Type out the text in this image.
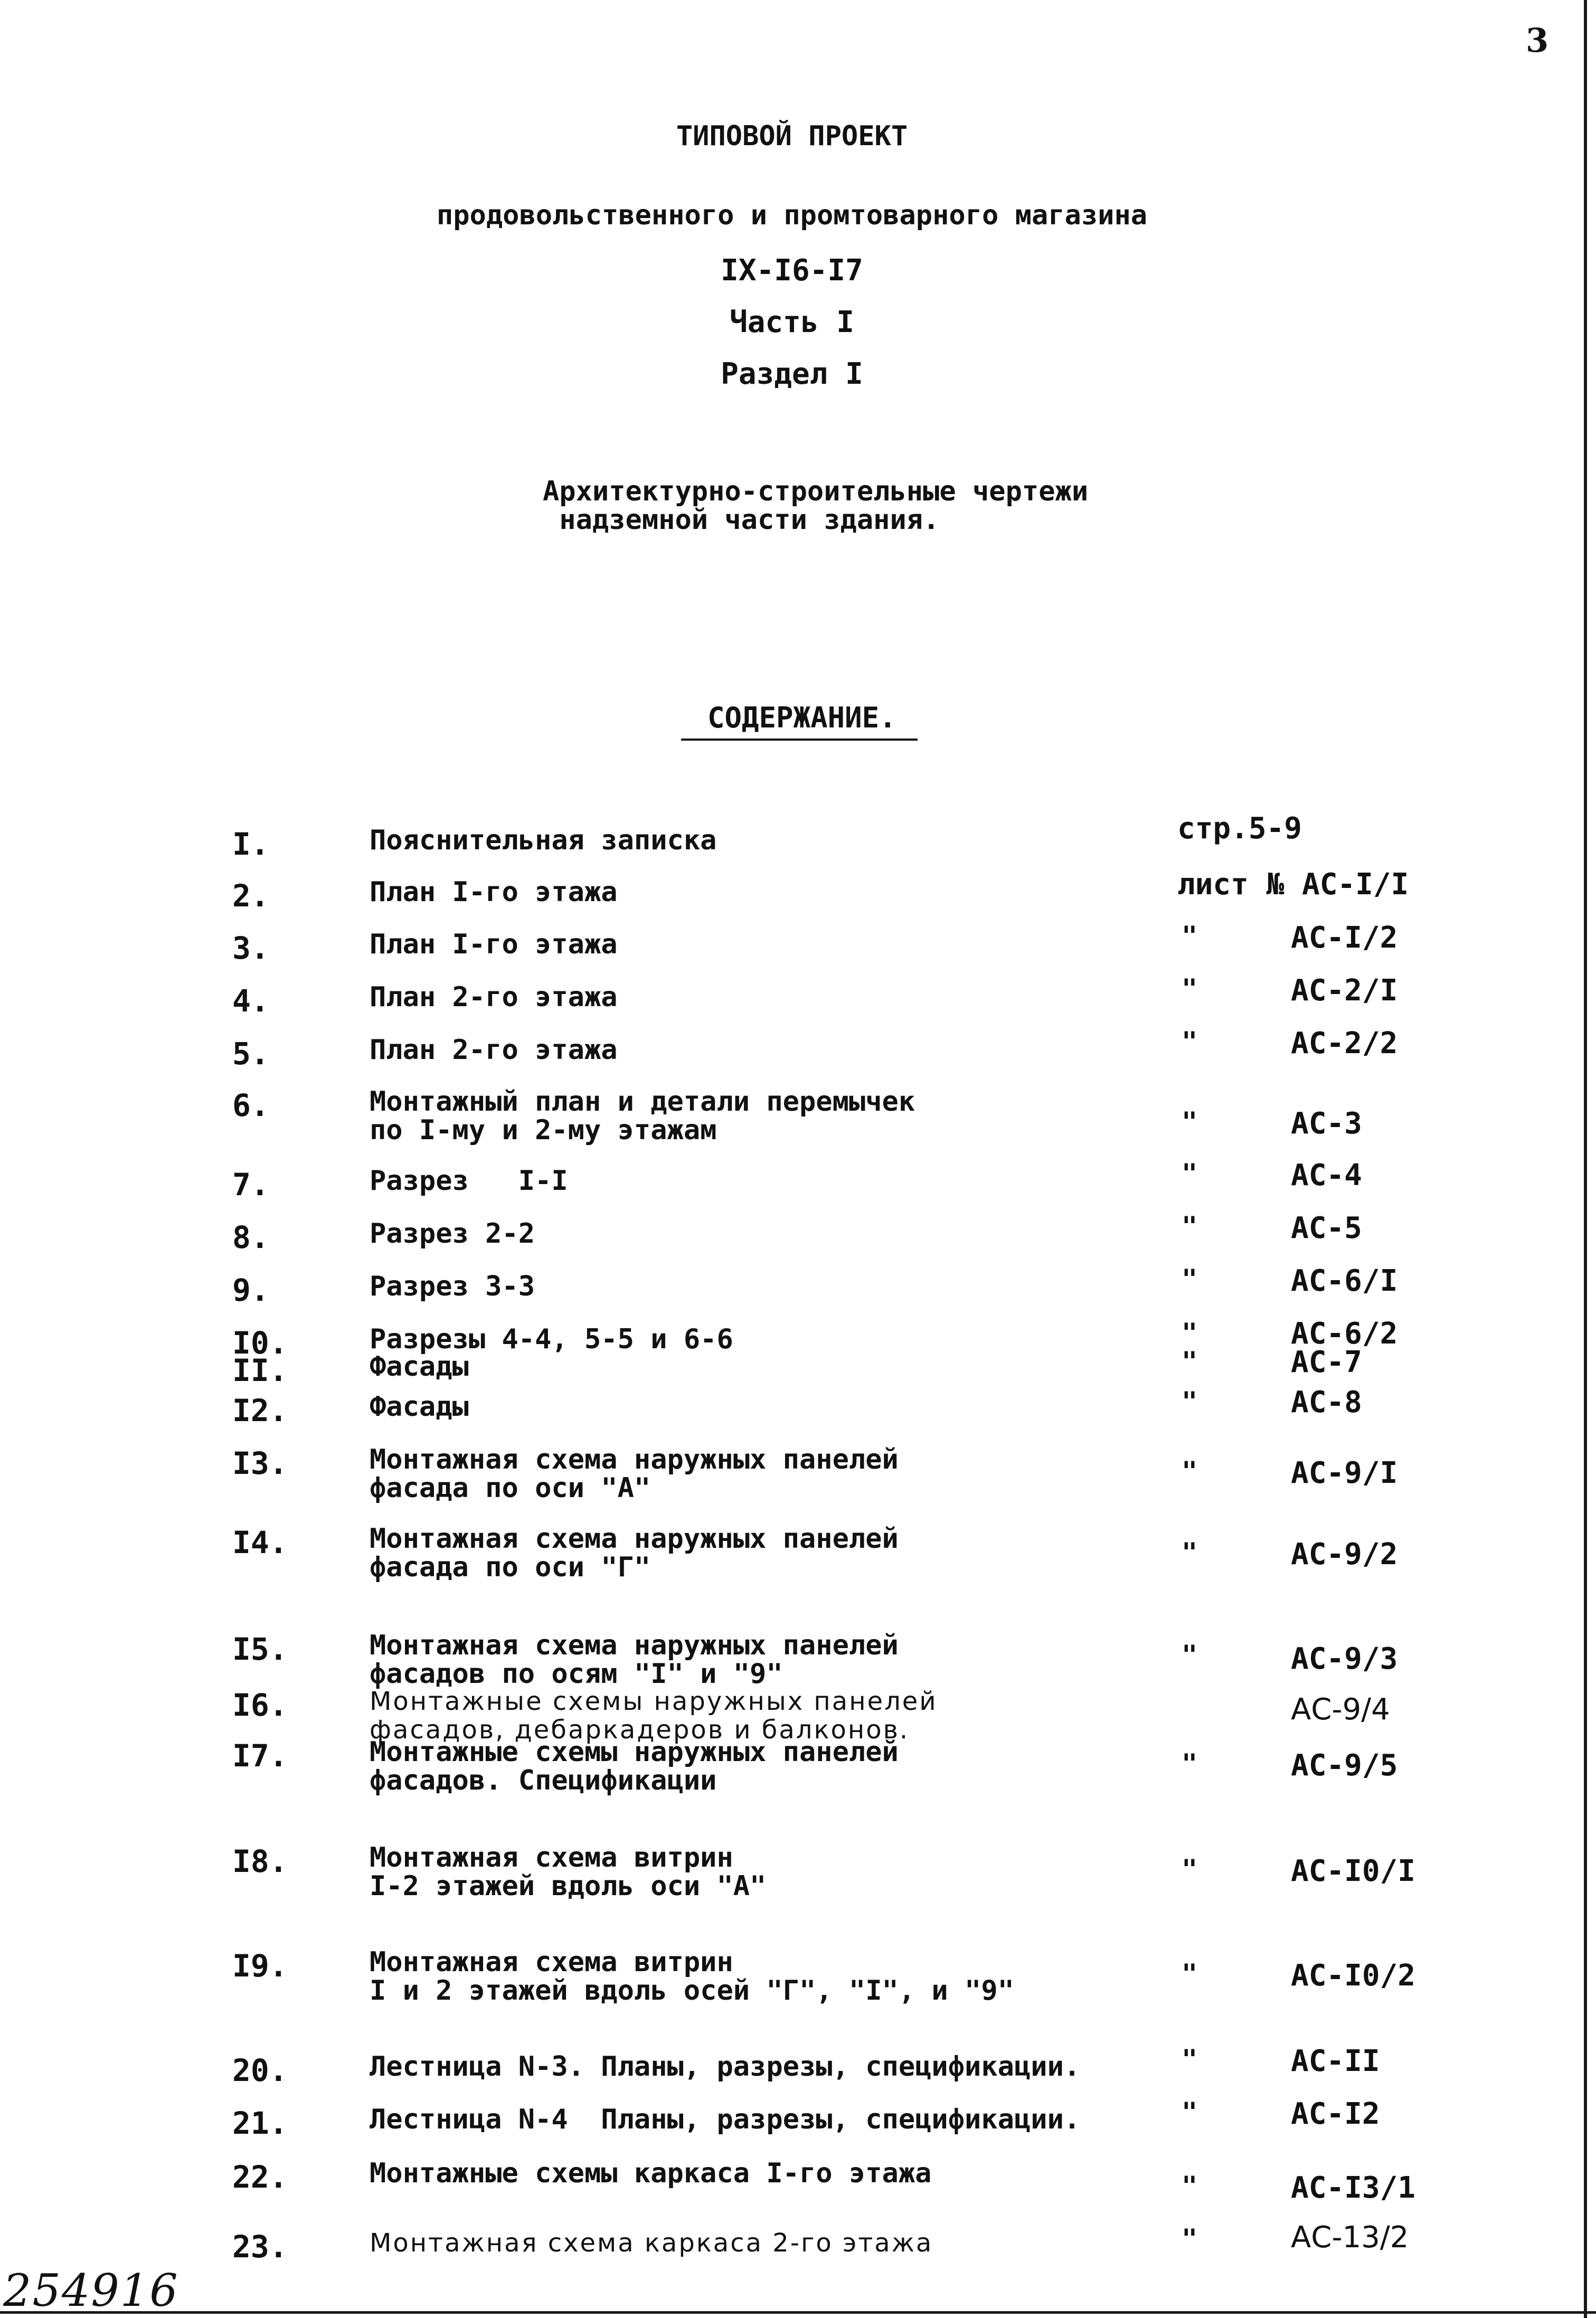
3
ТИПОВОЙ ПРОЕКТ
продовольственного и промтоварного магазина
IX-I6-I7
Часть I
Раздел I
Архитектурно-строительные чертежи
надземной части здания.
СОДЕРЖАНИЕ.
I.	Пояснительная записка	стр.5-9
2.	План I-го этажа	лист № АС-I/I
3.	План I-го этажа	"	АС-I/2
4.	План 2-го этажа	"	АС-2/I
5.	План 2-го этажа	"	АС-2/2
6.	Монтажный план и детали перемычек
по I-му и 2-му этажам	"	АС-3
7.	Разрез   I-I	"	АС-4
8.	Разрез 2-2	"	АС-5
9.	Разрез 3-3	"	АС-6/I
I0.	Разрезы 4-4, 5-5 и 6-6	"	АС-6/2
II.	Фасады	"	АС-7
I2.	Фасады	"	АС-8
I3.	Монтажная схема наружных панелей
фасада по оси "А"
"	АС-9/I
I4.	Монтажная схема наружных панелей
фасада по оси "Г"	"	АС-9/2
I5.	Монтажная схема наружных панелей
фасадов по осям "I" и "9"
"	АС-9/3
I6.	Монтажные схемы наружных панелей
фасадов, дебаркадеров и балконов.
АС-9/4
I7.	Монтажные схемы наружных панелей
фасадов. Спецификации
"	АС-9/5
I8.	Монтажная схема витрин
I-2 этажей вдоль оси "А"
"	АС-I0/I
I9.	Монтажная схема витрин
I и 2 этажей вдоль осей "Г", "I", и "9"
"	АС-I0/2
20.	Лестница N-3. Планы, разрезы, спецификации.	"	АС-II
21.	Лестница N-4  Планы, разрезы, спецификации.	"	АС-I2
22.	Монтажные схемы каркаса I-го этажа	"	АС-I3/1
23.	Монтажная схема каркаса 2-го этажа	"	АС-13/2
254916
